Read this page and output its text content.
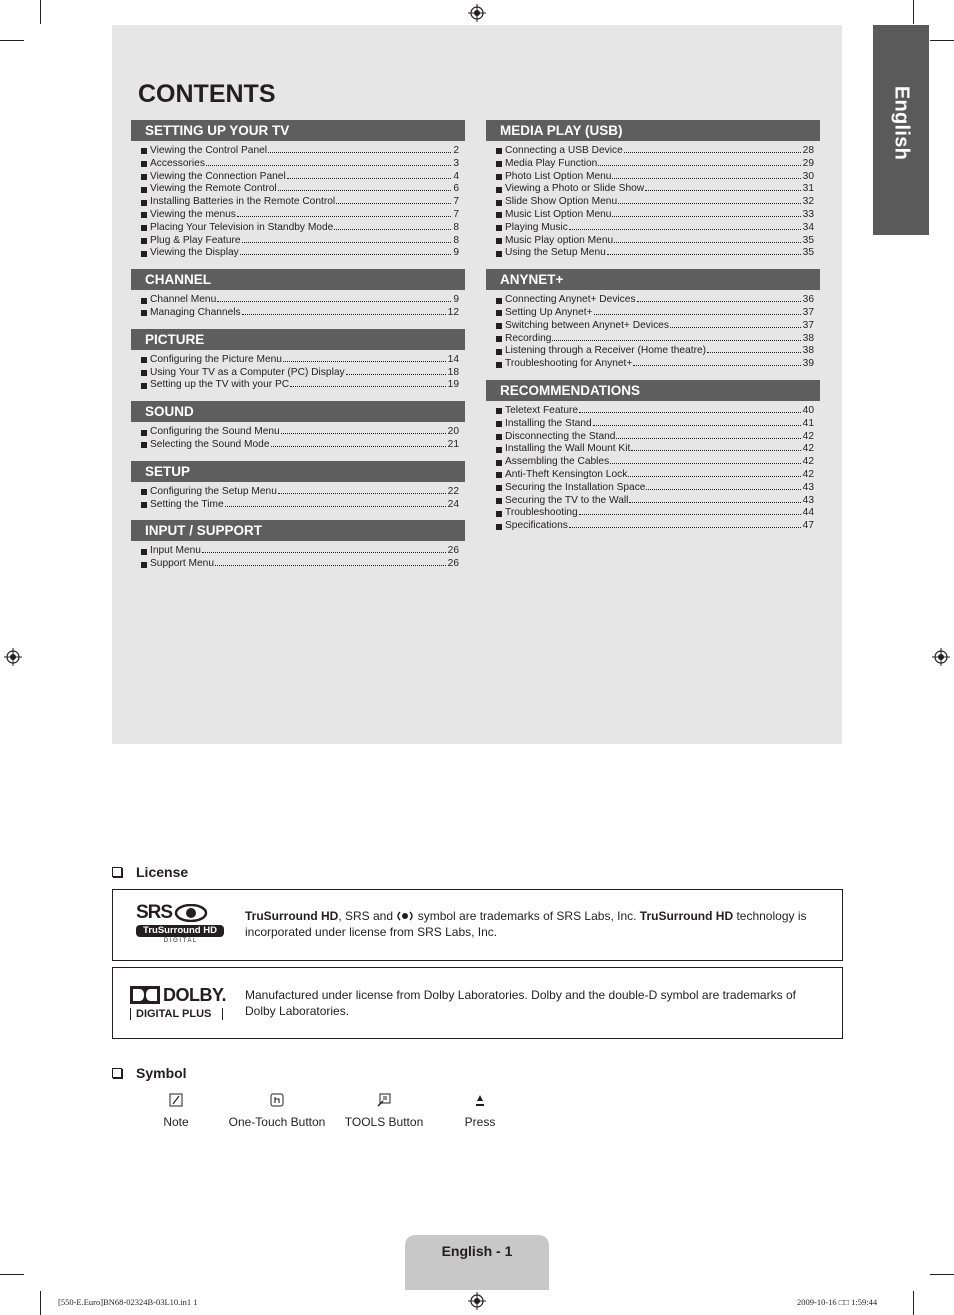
English
CONTENTS
SETTING UP YOUR TV
Viewing the Control Panel	2
Accessories	3
Viewing the Connection Panel	4
Viewing the Remote Control	6
Installing Batteries in the Remote Control	7
Viewing the menus	7
Placing Your Television in Standby Mode	8
Plug & Play Feature	8
Viewing the Display	9
CHANNEL
Channel Menu	9
Managing Channels	12
PICTURE
Configuring the Picture Menu	14
Using Your TV as a Computer (PC) Display	18
Setting up the TV with your PC	19
SOUND
Configuring the Sound Menu	20
Selecting the Sound Mode	21
SETUP
Configuring the Setup Menu	22
Setting the Time	24
INPUT / SUPPORT
Input Menu	26
Support Menu	26
MEDIA PLAY (USB)
Connecting a USB Device	28
Media Play Function	29
Photo List Option Menu	30
Viewing a Photo or Slide Show	31
Slide Show Option Menu	32
Music List Option Menu	33
Playing Music	34
Music Play option Menu	35
Using the Setup Menu	35
ANYNET+
Connecting Anynet+ Devices	36
Setting Up Anynet+	37
Switching between Anynet+ Devices	37
Recording	38
Listening through a Receiver (Home theatre)	38
Troubleshooting for Anynet+	39
RECOMMENDATIONS
Teletext Feature	40
Installing the Stand	41
Disconnecting the Stand	42
Installing the Wall Mount Kit	42
Assembling the Cables	42
Anti-Theft Kensington Lock	42
Securing the Installation Space	43
Securing the TV to the Wall	43
Troubleshooting	44
Specifications	47
License
SRS
TruSurround HD
D I G I T A L
TruSurround HD, SRS and  symbol are trademarks of SRS Labs, Inc. TruSurround HD technology is incorporated under license from SRS Labs, Inc.
DOLBY.
DIGITAL PLUS
Manufactured under license from Dolby Laboratories. Dolby and the double-D symbol are trademarks of Dolby Laboratories.
Symbol
Note	One-Touch Button	TOOLS Button	Press
English - 1
[550-E.Euro]BN68-02324B-03L10.in1 1	2009-10-16 □□ 1:59:44
